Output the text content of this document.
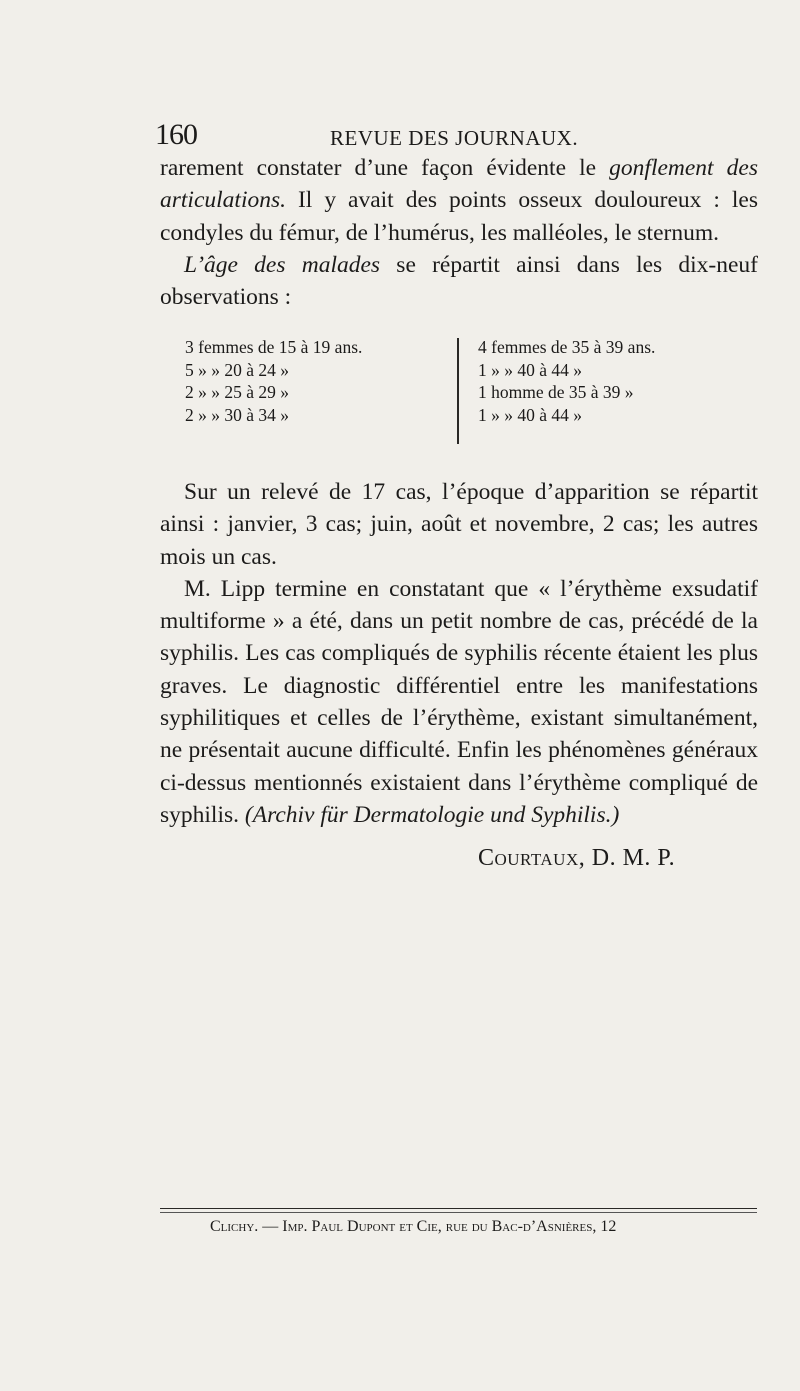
160	REVUE DES JOURNAUX.

rarement constater d’une façon évidente le gonflement des articulations. Il y avait des points osseux douloureux : les condyles du fémur, de l’humérus, les malléoles, le sternum.

L’âge des malades se répartit ainsi dans les dix-neuf observations :

3 femmes de 15 à 19 ans.
5 » » 20 à 24 »
2 » » 25 à 29 »
2 » » 30 à 34 »
4 femmes de 35 à 39 ans.
1 » » 40 à 44 »
1 homme de 35 à 39 »
1 » » 40 à 44 »

Sur un relevé de 17 cas, l’époque d’apparition se répartit ainsi : janvier, 3 cas; juin, août et novembre, 2 cas; les autres mois un cas.

M. Lipp termine en constatant que « l’érythème exsudatif multiforme » a été, dans un petit nombre de cas, précédé de la syphilis. Les cas compliqués de syphilis récente étaient les plus graves. Le diagnostic différentiel entre les manifestations syphilitiques et celles de l’érythème, existant simultanément, ne présentait aucune difficulté. Enfin les phénomènes généraux ci-dessus mentionnés existaient dans l’érythème compliqué de syphilis. (Archiv für Dermatologie und Syphilis.)

Courtaux, D. M. P.
Clichy. — Imp. Paul Dupont et Cie, rue du Bac-d’Asnières, 12
